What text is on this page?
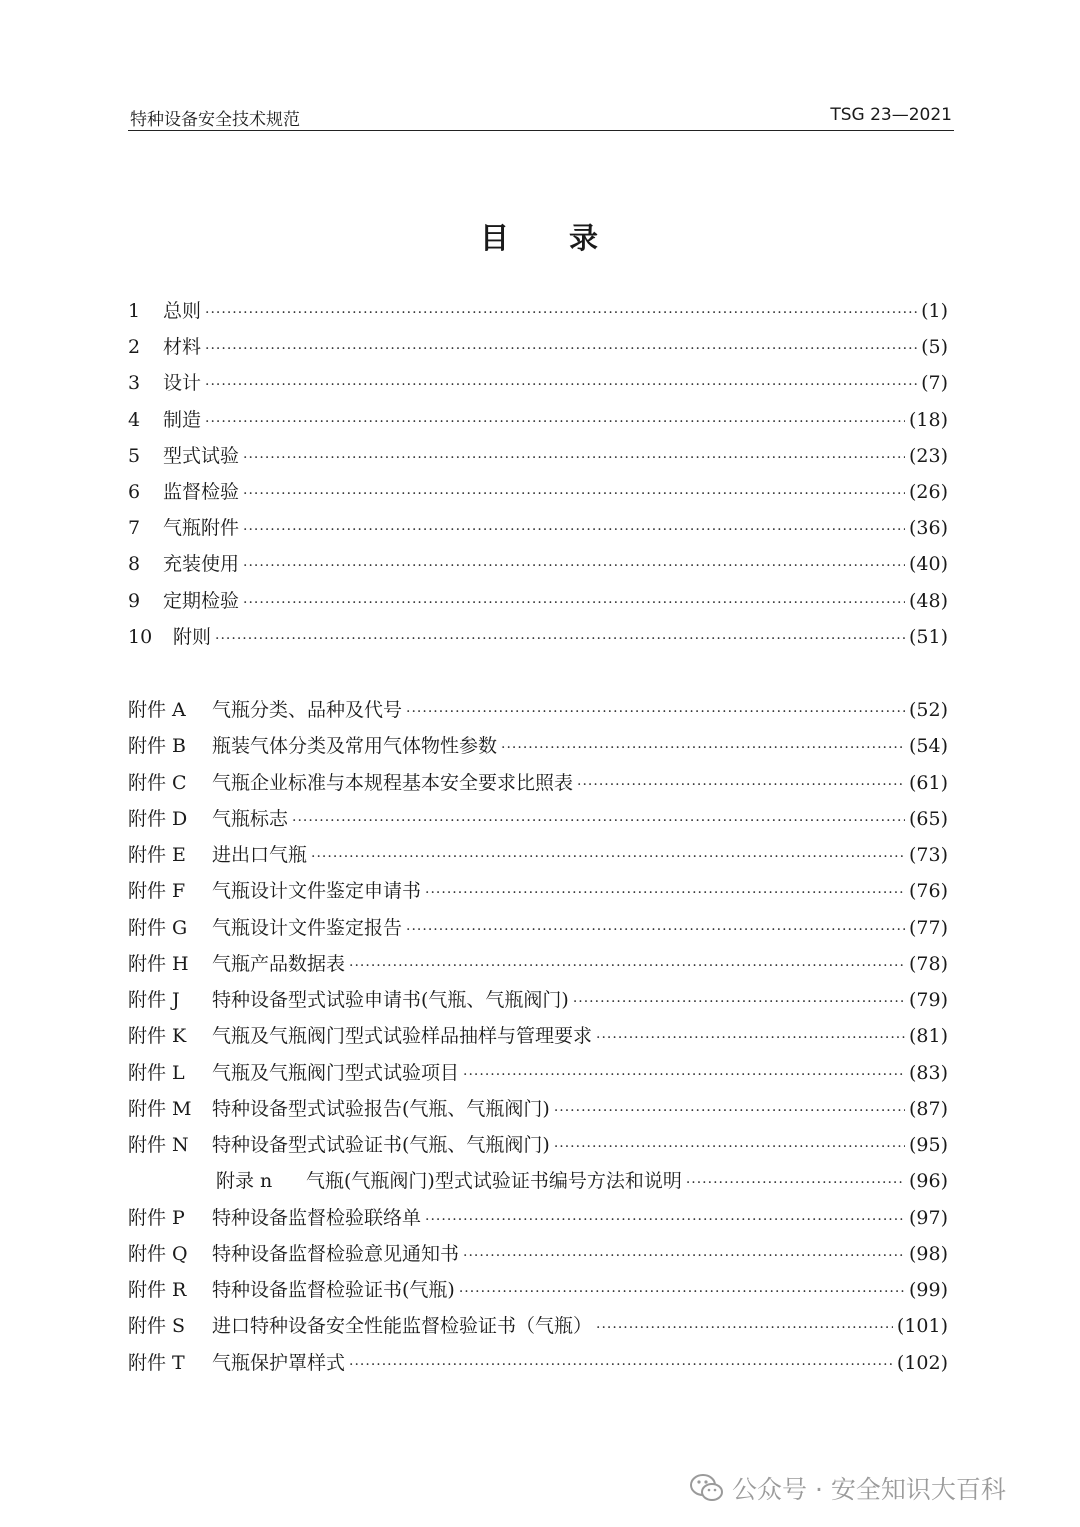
特种设备安全技术规范	TSG 23—2021
目 录
1	总则 ·····	(1)
2	材料 ·····	(5)
3	设计 ·····	(7)
4	制造 ·····	(18)
5	型式试验 ·····	(23)
6	监督检验 ·····	(26)
7	气瓶附件 ·····	(36)
8	充装使用 ·····	(40)
9	定期检验 ·····	(48)
10	附则 ·····	(51)
附件 A	气瓶分类、品种及代号 ·····	(52)
附件 B	瓶装气体分类及常用气体物性参数 ·····	(54)
附件 C	气瓶企业标准与本规程基本安全要求比照表 ·····	(61)
附件 D	气瓶标志 ·····	(65)
附件 E	进出口气瓶 ·····	(73)
附件 F	气瓶设计文件鉴定申请书 ·····	(76)
附件 G	气瓶设计文件鉴定报告 ·····	(77)
附件 H	气瓶产品数据表 ·····	(78)
附件 J	特种设备型式试验申请书(气瓶、气瓶阀门) ·····	(79)
附件 K	气瓶及气瓶阀门型式试验样品抽样与管理要求 ·····	(81)
附件 L	气瓶及气瓶阀门型式试验项目 ·····	(83)
附件 M	特种设备型式试验报告(气瓶、气瓶阀门) ·····	(87)
附件 N	特种设备型式试验证书(气瓶、气瓶阀门) ·····	(95)
附录 n	气瓶(气瓶阀门)型式试验证书编号方法和说明 ·····	(96)
附件 P	特种设备监督检验联络单 ·····	(97)
附件 Q	特种设备监督检验意见通知书 ·····	(98)
附件 R	特种设备监督检验证书(气瓶) ·····	(99)
附件 S	进口特种设备安全性能监督检验证书（气瓶） ·····	(101)
附件 T	气瓶保护罩样式 ·····	(102)
公众号 · 安全知识大百科
